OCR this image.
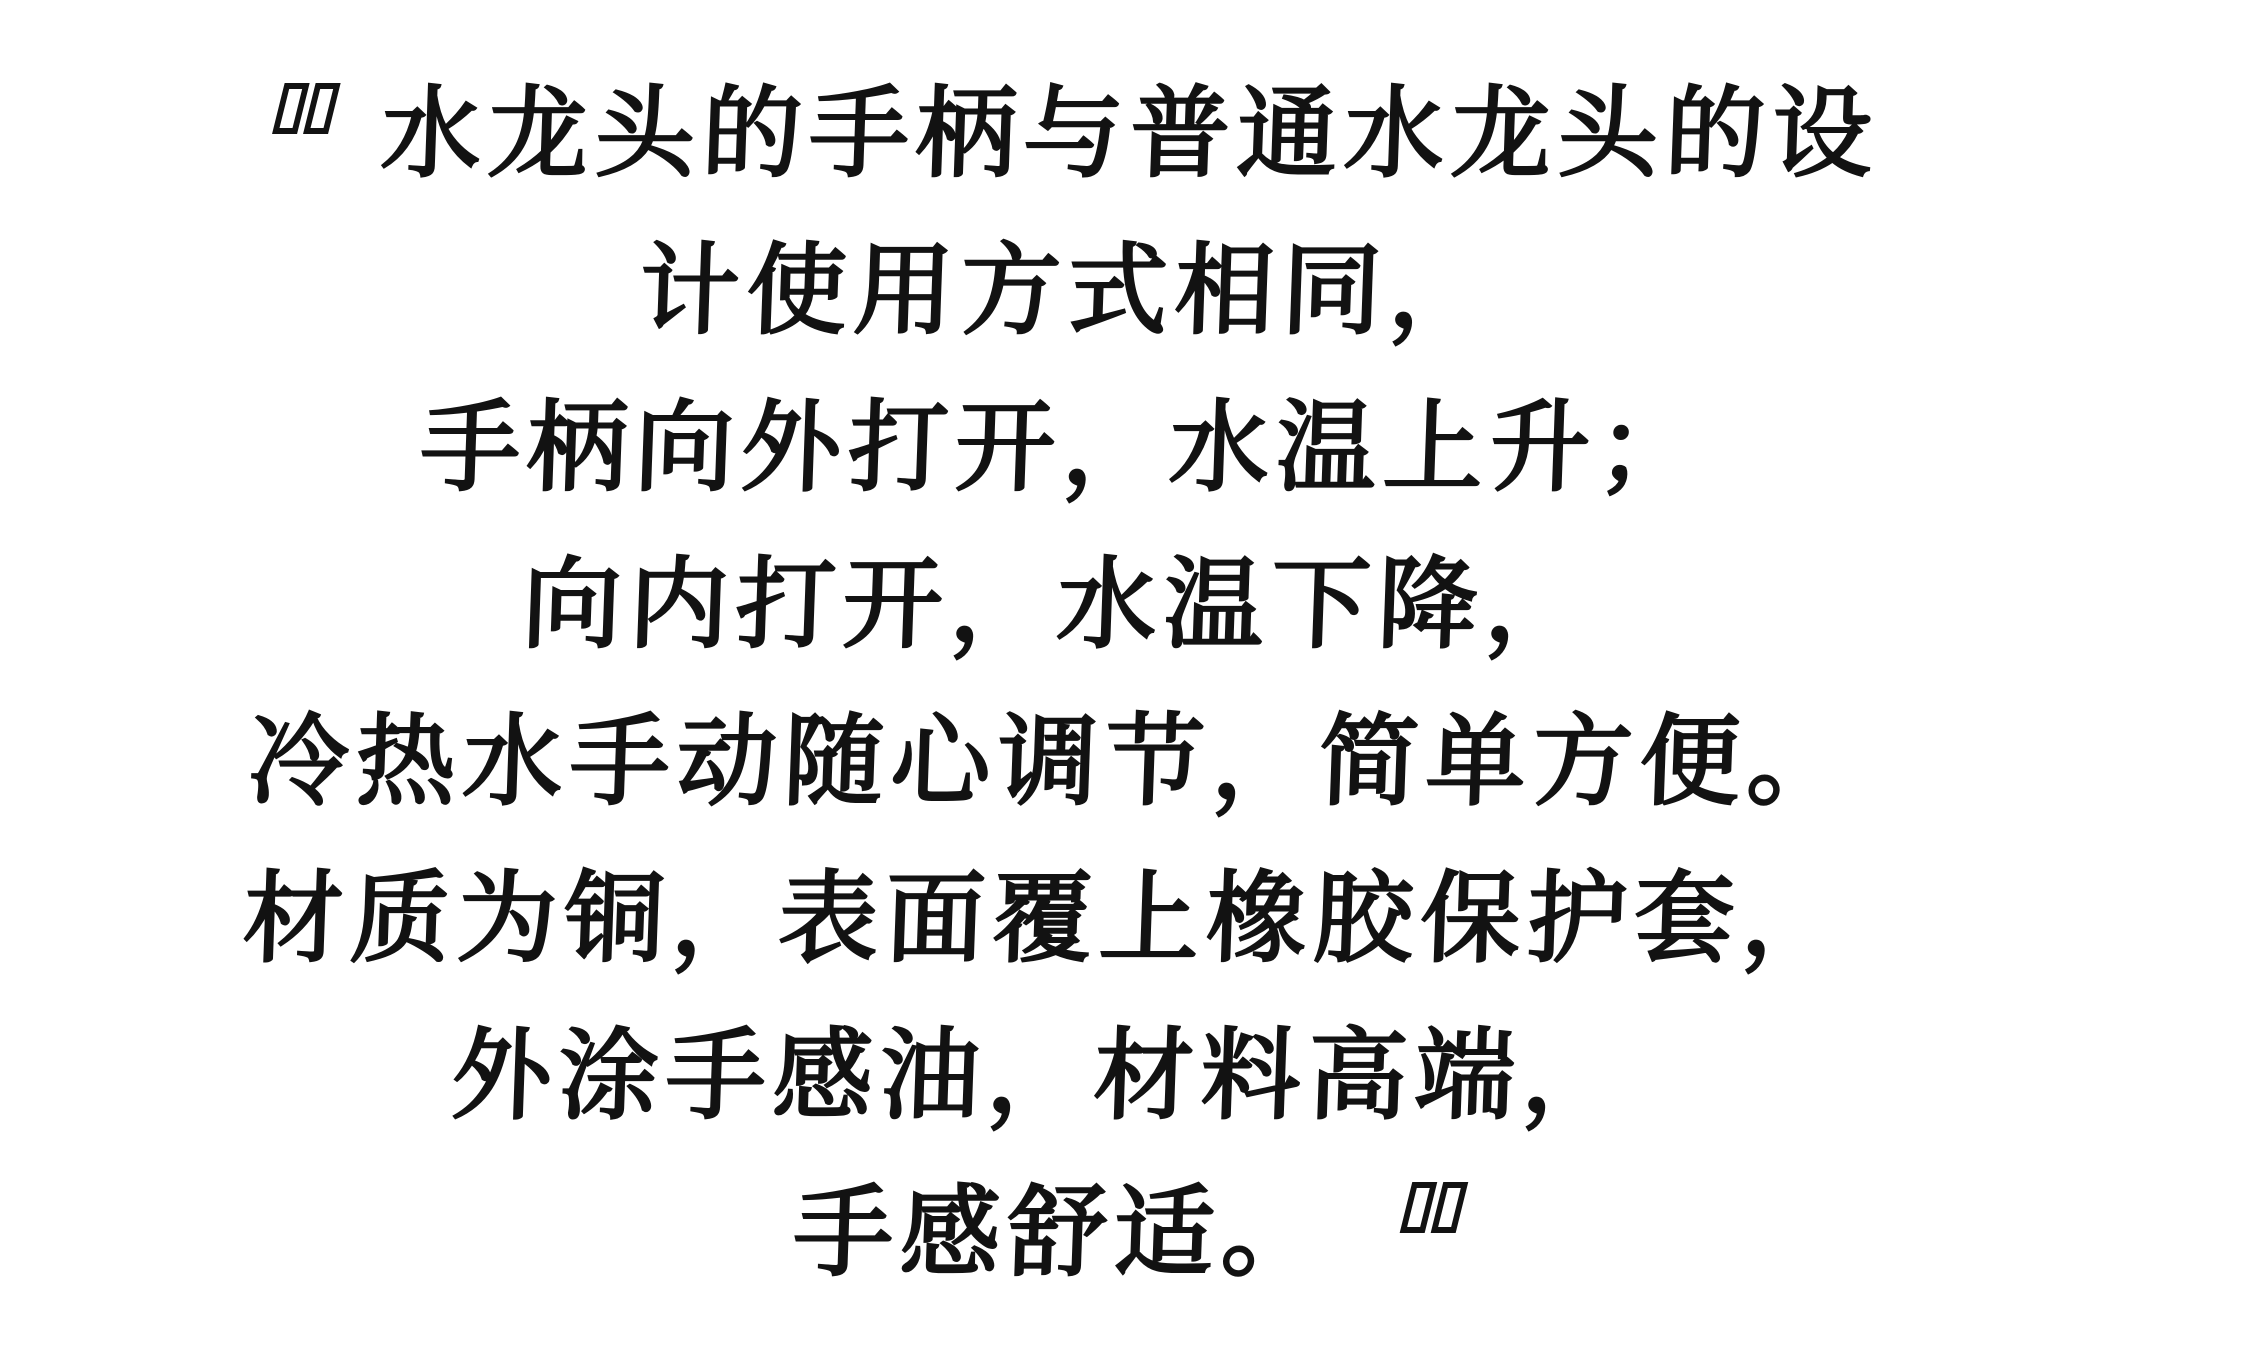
水龙头的手柄与普通水龙头的设
计使用方式相同，
手柄向外打开，水温上升；
向内打开，水温下降，
冷热水手动随心调节，简单方便。
材质为铜，表面覆上橡胶保护套，
外涂手感油，材料高端，
手感舒适。
